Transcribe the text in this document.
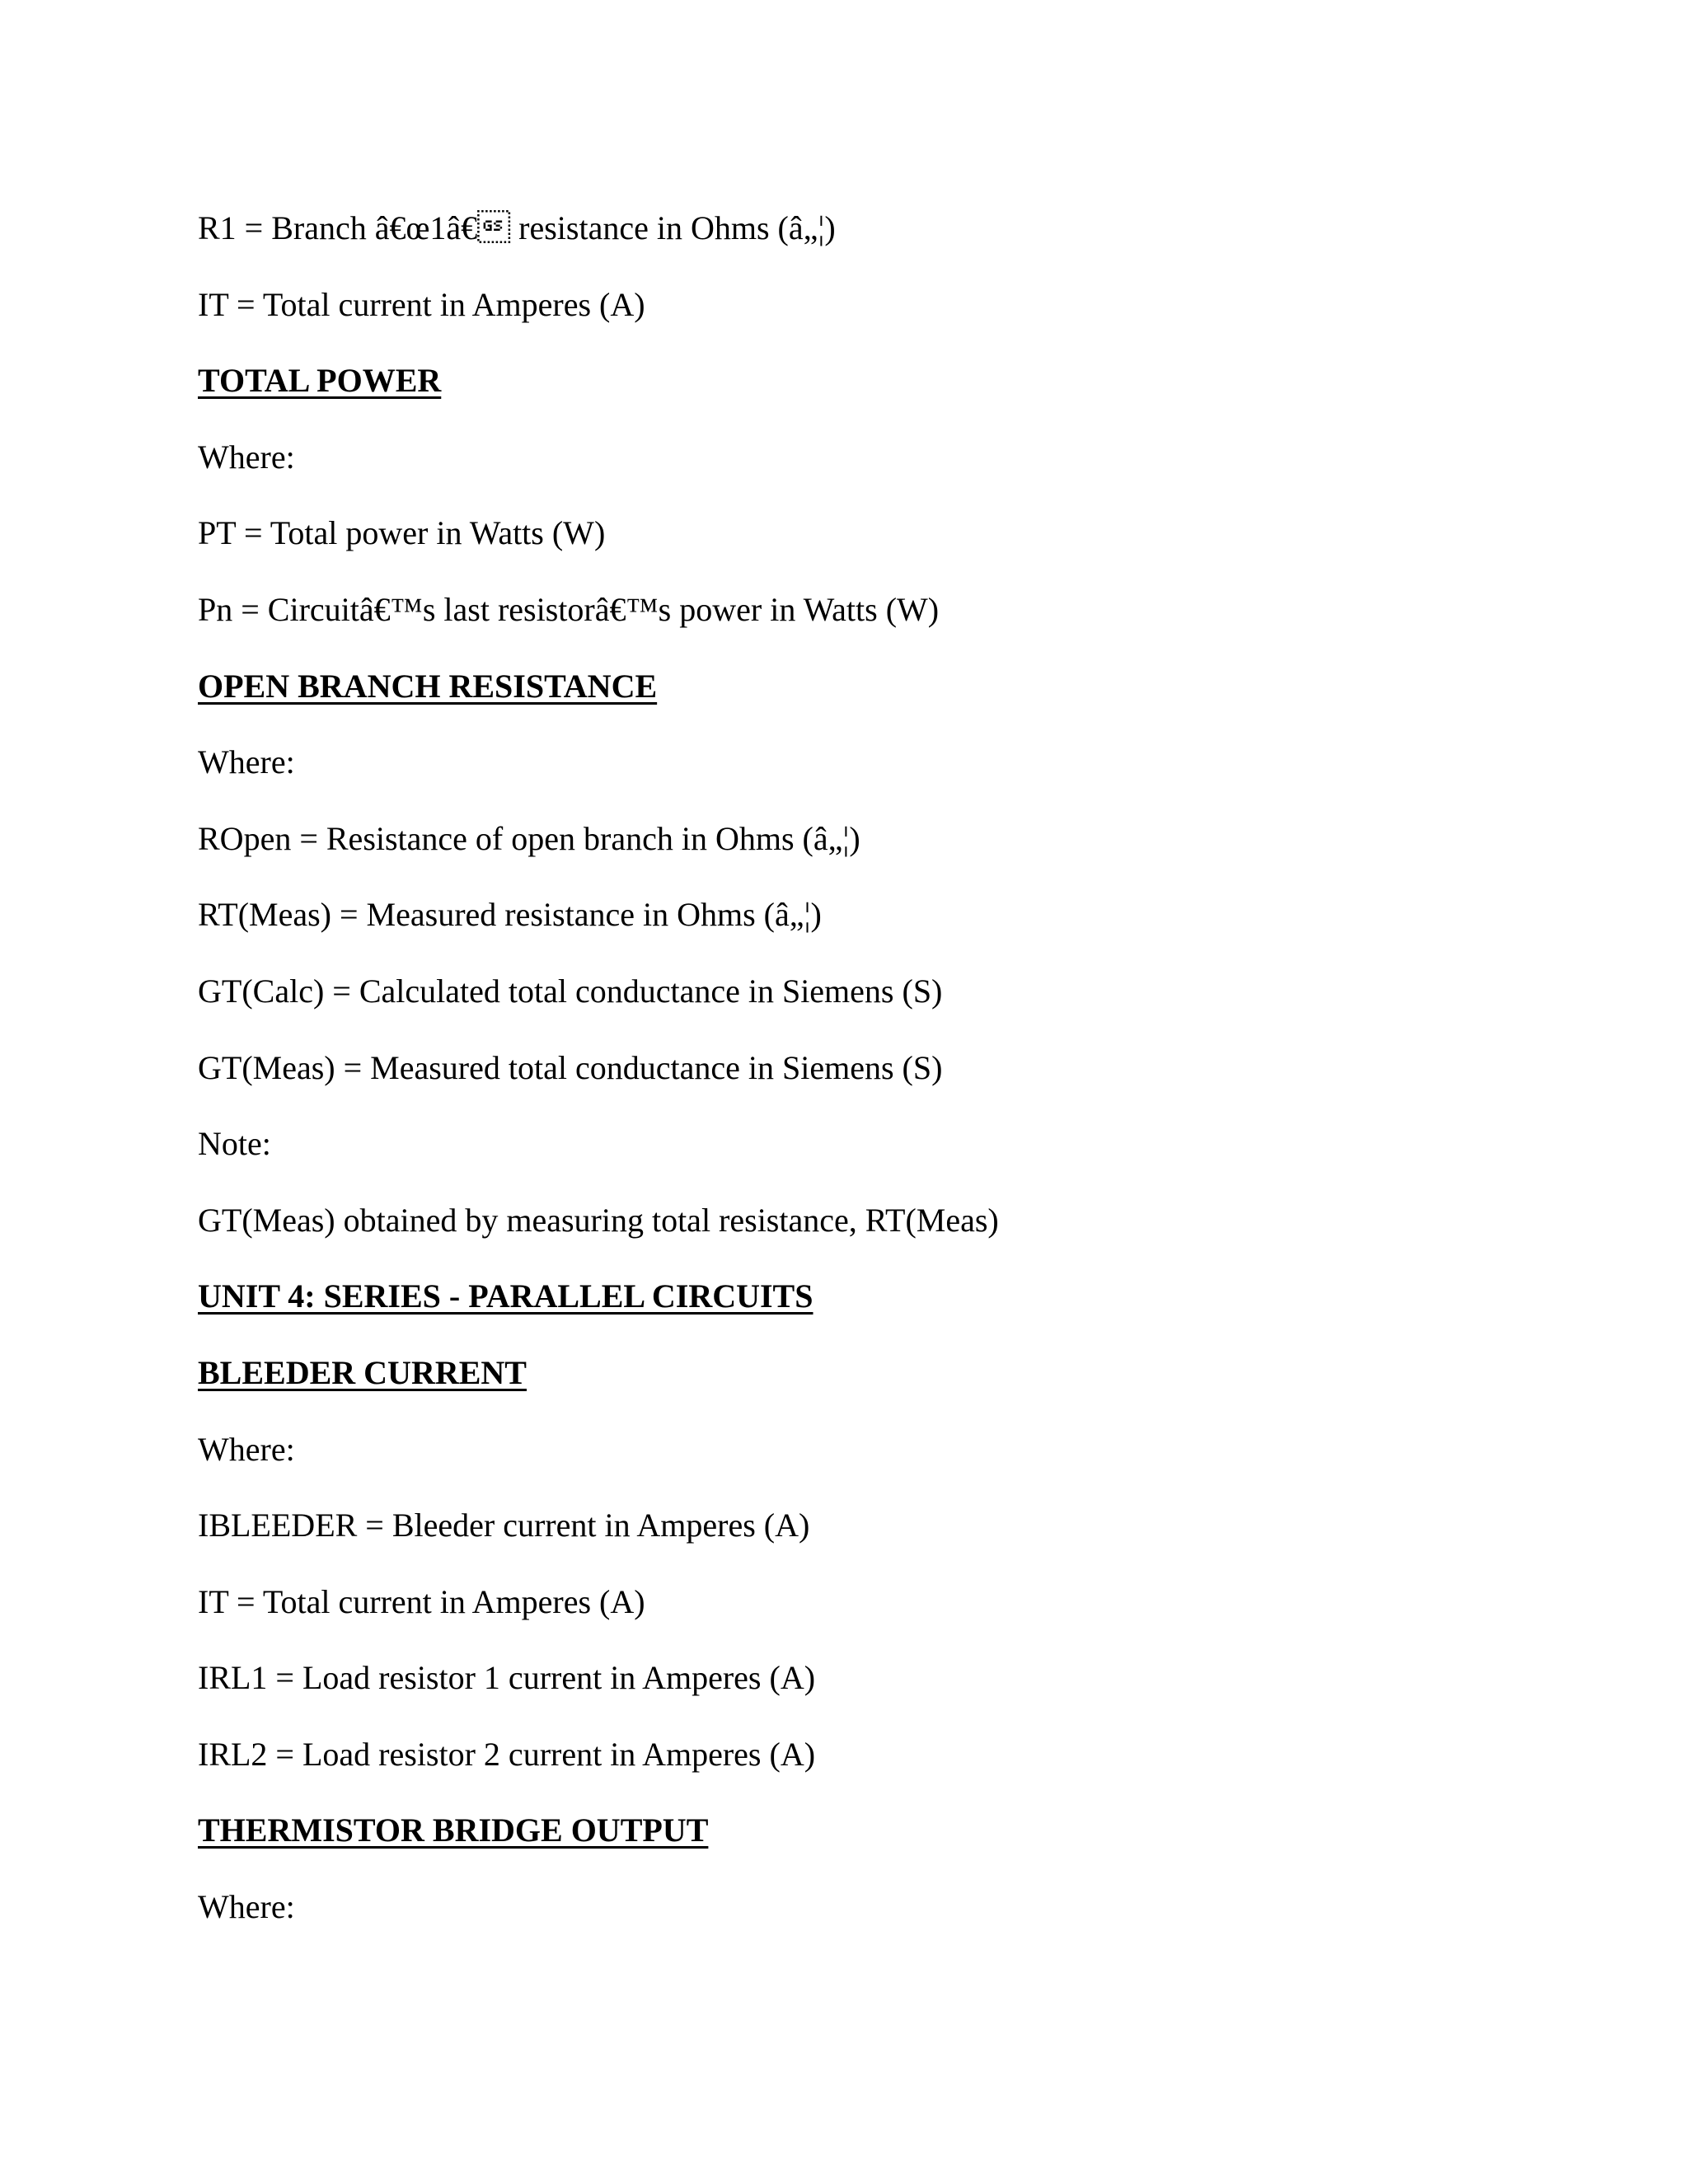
R1 = Branch â€œ1â€ resistance in Ohms (â„¦)
IT = Total current in Amperes (A)
TOTAL POWER
Where:
PT = Total power in Watts (W)
Pn = Circuitâ€™s last resistorâ€™s power in Watts (W)
OPEN BRANCH RESISTANCE
Where:
ROpen = Resistance of open branch in Ohms (â„¦)
RT(Meas) = Measured resistance in Ohms (â„¦)
GT(Calc) = Calculated total conductance in Siemens (S)
GT(Meas) = Measured total conductance in Siemens (S)
Note:
GT(Meas) obtained by measuring total resistance, RT(Meas)
UNIT 4: SERIES - PARALLEL CIRCUITS
BLEEDER CURRENT
Where:
IBLEEDER = Bleeder current in Amperes (A)
IT = Total current in Amperes (A)
IRL1 = Load resistor 1 current in Amperes (A)
IRL2 = Load resistor 2 current in Amperes (A)
THERMISTOR BRIDGE OUTPUT
Where:
